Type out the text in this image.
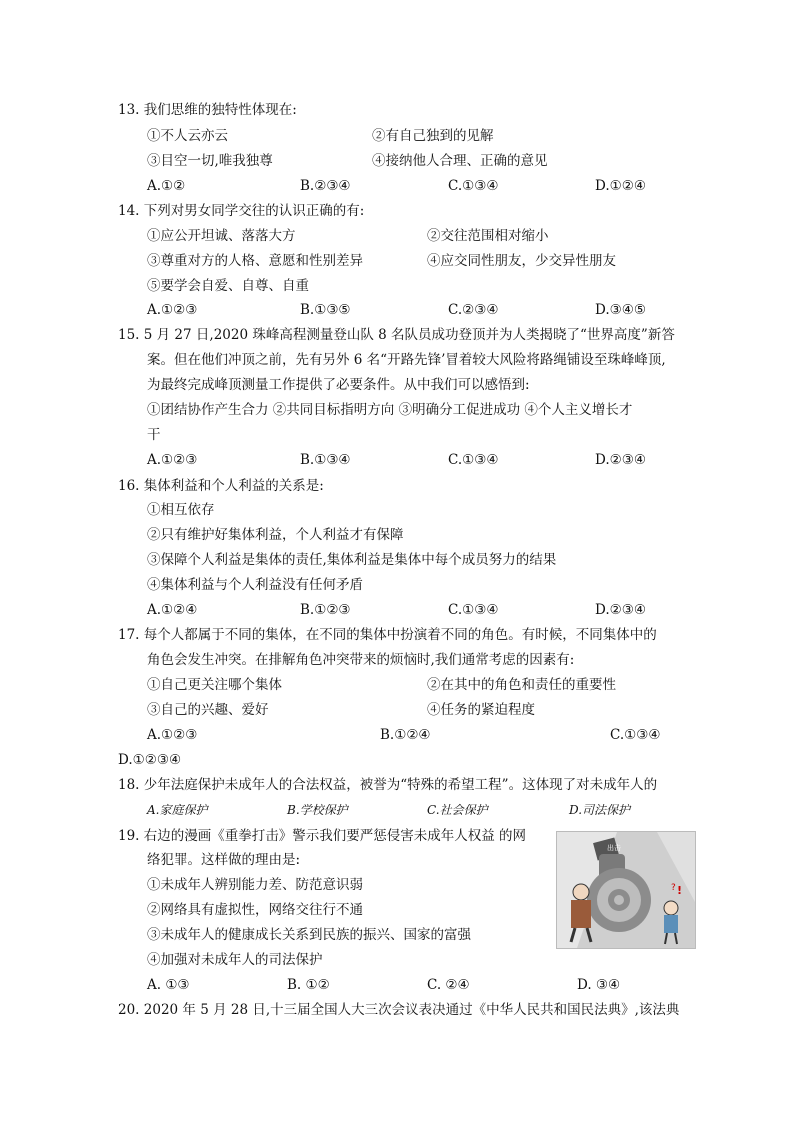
13. 我们思维的独特性体现在:
①不人云亦云	②有自己独到的见解
③目空一切,唯我独尊	④接纳他人合理、正确的意见
A.①②	B.②③④	C.①③④	D.①②④
14. 下列对男女同学交往的认识正确的有:
①应公开坦诚、落落大方	②交往范围相对缩小
③尊重对方的人格、意愿和性别差异	④应交同性朋友，少交异性朋友
⑤要学会自爱、自尊、自重
A.①②③	B.①③⑤	C.②③④	D.③④⑤
15. 5 月 27 日,2020 珠峰高程测量登山队 8 名队员成功登顶并为人类揭晓了“世界高度”新答
案。但在他们冲顶之前，先有另外 6 名“开路先锋’冒着较大风险将路绳铺设至珠峰峰顶,
为最终完成峰顶测量工作提供了必要条件。从中我们可以感悟到:
①团结协作产生合力 ②共同目标指明方向 ③明确分工促进成功 ④个人主义增长才
干
A.①②③	B.①③④	C.①③④	D.②③④
16. 集体利益和个人利益的关系是:
①相互依存
②只有维护好集体利益，个人利益才有保障
③保障个人利益是集体的责任,集体利益是集体中每个成员努力的结果
④集体利益与个人利益没有任何矛盾
A.①②④	B.①②③	C.①③④	D.②③④
17. 每个人都属于不同的集体，在不同的集体中扮演着不同的角色。有时候，不同集体中的
角色会发生冲突。在排解角色冲突带来的烦恼时,我们通常考虑的因素有:
①自己更关注哪个集体	②在其中的角色和责任的重要性
③自己的兴趣、爱好	④任务的紧迫程度
A.①②③	B.①②④	C.①③④
D.①②③④
18. 少年法庭保护未成年人的合法权益，被誉为“特殊的希望工程”。这体现了对未成年人的
A.家庭保护	B.学校保护	C.社会保护	D.司法保护
19. 右边的漫画《重拳打击》警示我们要严惩侵害未成年人权益 的网
络犯罪。这样做的理由是:
①未成年人辨别能力差、防范意识弱
②网络具有虚拟性，网络交往行不通
③未成年人的健康成长关系到民族的振兴、国家的富强
④加强对未成年人的司法保护
A. ①③	B. ①②	C. ②④	D. ③④
出击
!
?
20. 2020 年 5 月 28 日,十三届全国人大三次会议表决通过《中华人民共和国民法典》,该法典
